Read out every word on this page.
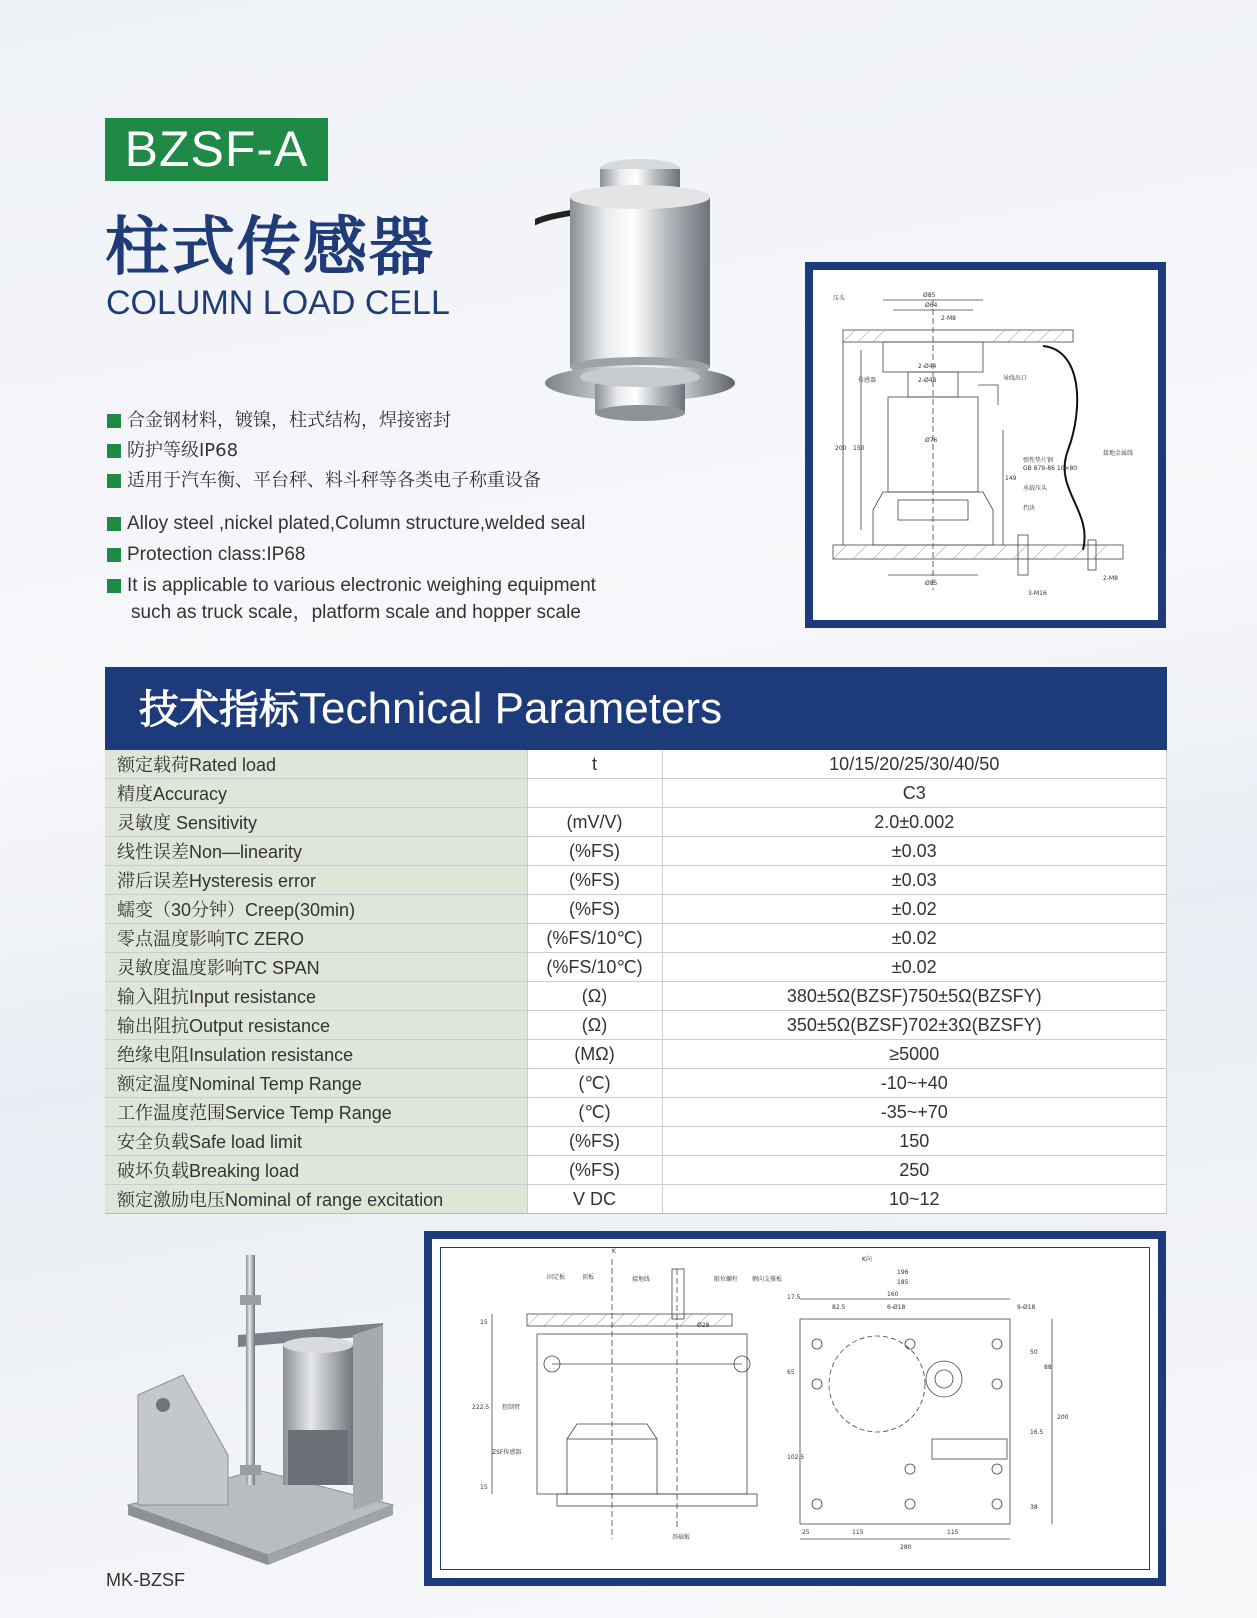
BZSF-A
柱式传感器
COLUMN LOAD CELL
合金钢材料，镀镍，柱式结构，焊接密封
防护等级IP68
适用于汽车衡、平台秤、料斗秤等各类电子称重设备
Alloy steel ,nickel plated,Column structure,welded seal
Protection class:IP68
It is applicable to various electronic weighing equipment
such as truck scale，platform scale and hopper scale
压头
传感器	导线出口
接地金属线
弹性垫片钢
GB 879-86 10×80
承载压头
挡块
Ø85
Ø64
2-M8
2-Ø44
2-Ø48
Ø76
200 150
149
Ø85
3-M16
2-M8
技术指标Technical Parameters
额定载荷Rated load	t	10/15/20/25/30/40/50
精度Accuracy		C3
灵敏度 Sensitivity	(mV/V)	2.0±0.002
线性误差Non—linearity	(%FS)	±0.03
滞后误差Hysteresis error	(%FS)	±0.03
蠕变（30分钟）Creep(30min)	(%FS)	±0.02
零点温度影响TC ZERO	(%FS/10℃)	±0.02
灵敏度温度影响TC SPAN	(%FS/10℃)	±0.02
输入阻抗Input resistance	(Ω)	380±5Ω(BZSF)750±5Ω(BZSFY)
输出阻抗Output resistance	(Ω)	350±5Ω(BZSF)702±3Ω(BZSFY)
绝缘电阻Insulation resistance	(MΩ)	≥5000
额定温度Nominal Temp Range	(℃)	-10~+40
工作温度范围Service Temp Range	(℃)	-35~+70
安全负载Safe load limit	(%FS)	150
破坏负载Breaking load	(%FS)	250
额定激励电压Nominal of range excitation	V DC	10~12
MK-BZSF
K
固定板	顶板	接地线	限位螺杆 侧向支撑板
控制臂
ZSF传感器
基础板
K向
15
222.5
15
Ø28
196
185
160
82.5
17.5
6-Ø18	9-Ø18
65
102.5
50
88
16.5
200
38
25	115	115
280
